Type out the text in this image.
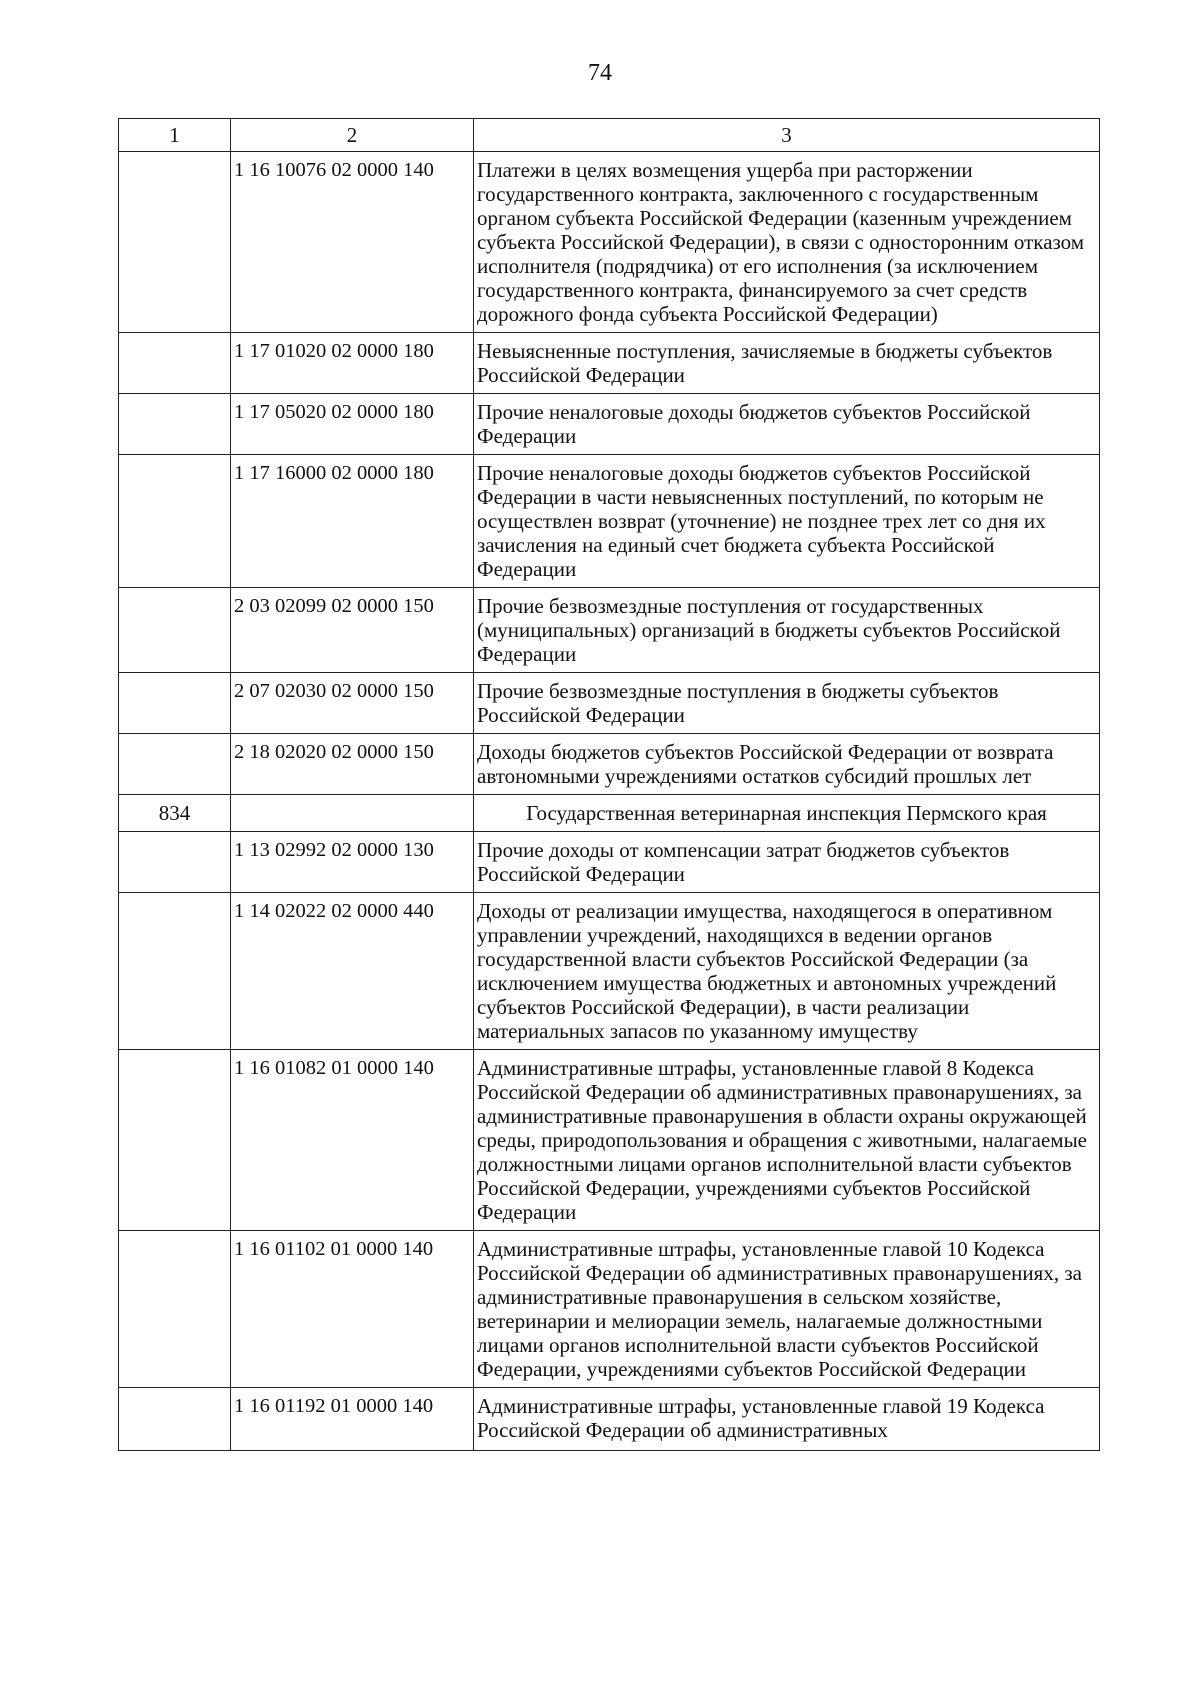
74
1	2	3
	1 16 10076 02 0000 140	Платежи в целях возмещения ущерба при расторжении государственного контракта, заключенного с государственным органом субъекта Российской Федерации (казенным учреждением субъекта Российской Федерации), в связи с односторонним отказом исполнителя (подрядчика) от его исполнения (за исключением государственного контракта, финансируемого за счет средств дорожного фонда субъекта Российской Федерации)
	1 17 01020 02 0000 180	Невыясненные поступления, зачисляемые в бюджеты субъектов Российской Федерации
	1 17 05020 02 0000 180	Прочие неналоговые доходы бюджетов субъектов Российской Федерации
	1 17 16000 02 0000 180	Прочие неналоговые доходы бюджетов субъектов Российской Федерации в части невыясненных поступлений, по которым не осуществлен возврат (уточнение) не позднее трех лет со дня их зачисления на единый счет бюджета субъекта Российской Федерации
	2 03 02099 02 0000 150	Прочие безвозмездные поступления от государственных (муниципальных) организаций в бюджеты субъектов Российской Федерации
	2 07 02030 02 0000 150	Прочие безвозмездные поступления в бюджеты субъектов Российской Федерации
	2 18 02020 02 0000 150	Доходы бюджетов субъектов Российской Федерации от возврата автономными учреждениями остатков субсидий прошлых лет
834		Государственная ветеринарная инспекция Пермского края
	1 13 02992 02 0000 130	Прочие доходы от компенсации затрат бюджетов субъектов Российской Федерации
	1 14 02022 02 0000 440	Доходы от реализации имущества, находящегося в оперативном управлении учреждений, находящихся в ведении органов государственной власти субъектов Российской Федерации (за исключением имущества бюджетных и автономных учреждений субъектов Российской Федерации), в части реализации материальных запасов по указанному имуществу
	1 16 01082 01 0000 140	Административные штрафы, установленные главой 8 Кодекса Российской Федерации об административных правонарушениях, за административные правонарушения в области охраны окружающей среды, природопользования и обращения с животными, налагаемые должностными лицами органов исполнительной власти субъектов Российской Федерации, учреждениями субъектов Российской Федерации
	1 16 01102 01 0000 140	Административные штрафы, установленные главой 10 Кодекса Российской Федерации об административных правонарушениях, за административные правонарушения в сельском хозяйстве, ветеринарии и мелиорации земель, налагаемые должностными лицами органов исполнительной власти субъектов Российской Федерации, учреждениями субъектов Российской Федерации
	1 16 01192 01 0000 140	Административные штрафы, установленные главой 19 Кодекса Российской Федерации об административных
